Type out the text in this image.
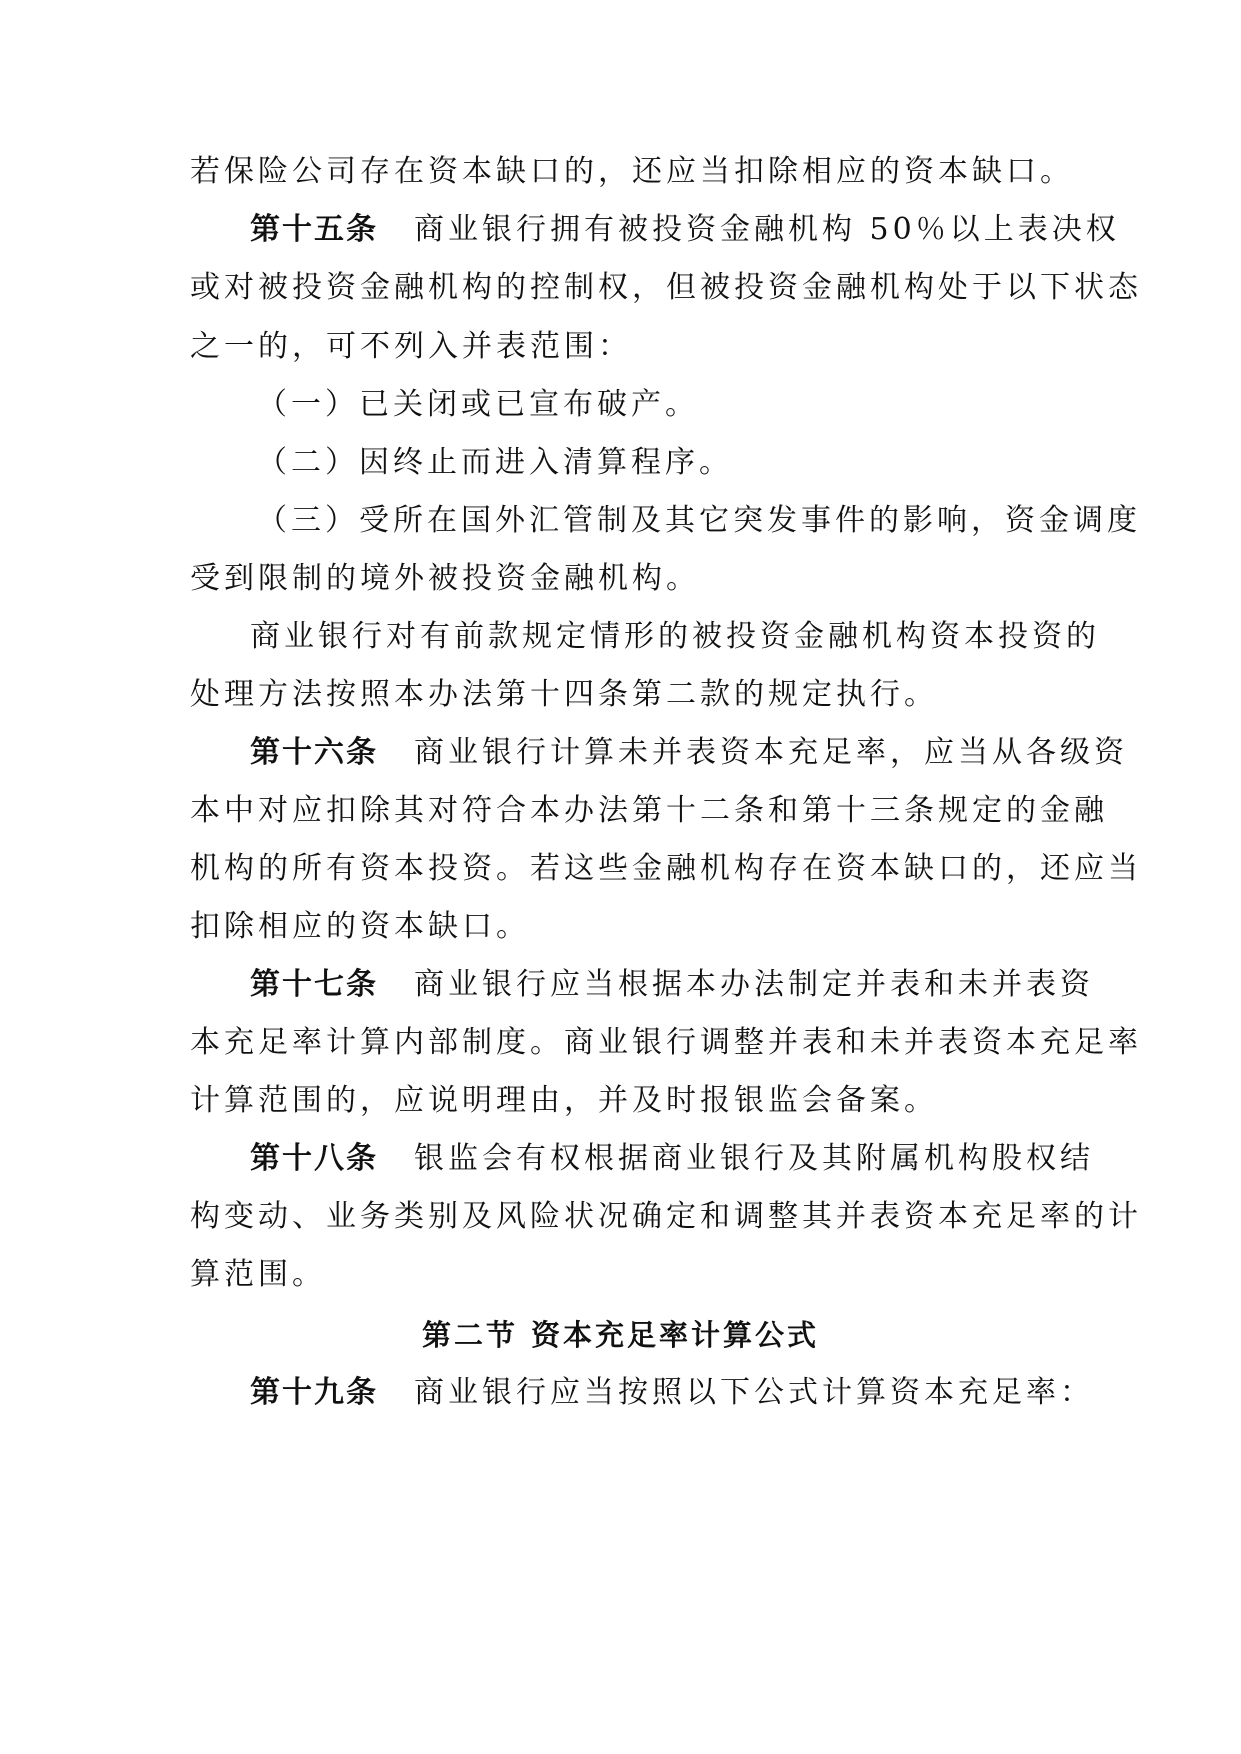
若保险公司存在资本缺口的，还应当扣除相应的资本缺口。
第十五条 商业银行拥有被投资金融机构 50％以上表决权
或对被投资金融机构的控制权，但被投资金融机构处于以下状态
之一的，可不列入并表范围：
（一）已关闭或已宣布破产。
（二）因终止而进入清算程序。
（三）受所在国外汇管制及其它突发事件的影响，资金调度
受到限制的境外被投资金融机构。
商业银行对有前款规定情形的被投资金融机构资本投资的
处理方法按照本办法第十四条第二款的规定执行。
第十六条 商业银行计算未并表资本充足率，应当从各级资
本中对应扣除其对符合本办法第十二条和第十三条规定的金融
机构的所有资本投资。若这些金融机构存在资本缺口的，还应当
扣除相应的资本缺口。
第十七条 商业银行应当根据本办法制定并表和未并表资
本充足率计算内部制度。商业银行调整并表和未并表资本充足率
计算范围的，应说明理由，并及时报银监会备案。
第十八条 银监会有权根据商业银行及其附属机构股权结
构变动、业务类别及风险状况确定和调整其并表资本充足率的计
算范围。
第二节 资本充足率计算公式
第十九条 商业银行应当按照以下公式计算资本充足率：
